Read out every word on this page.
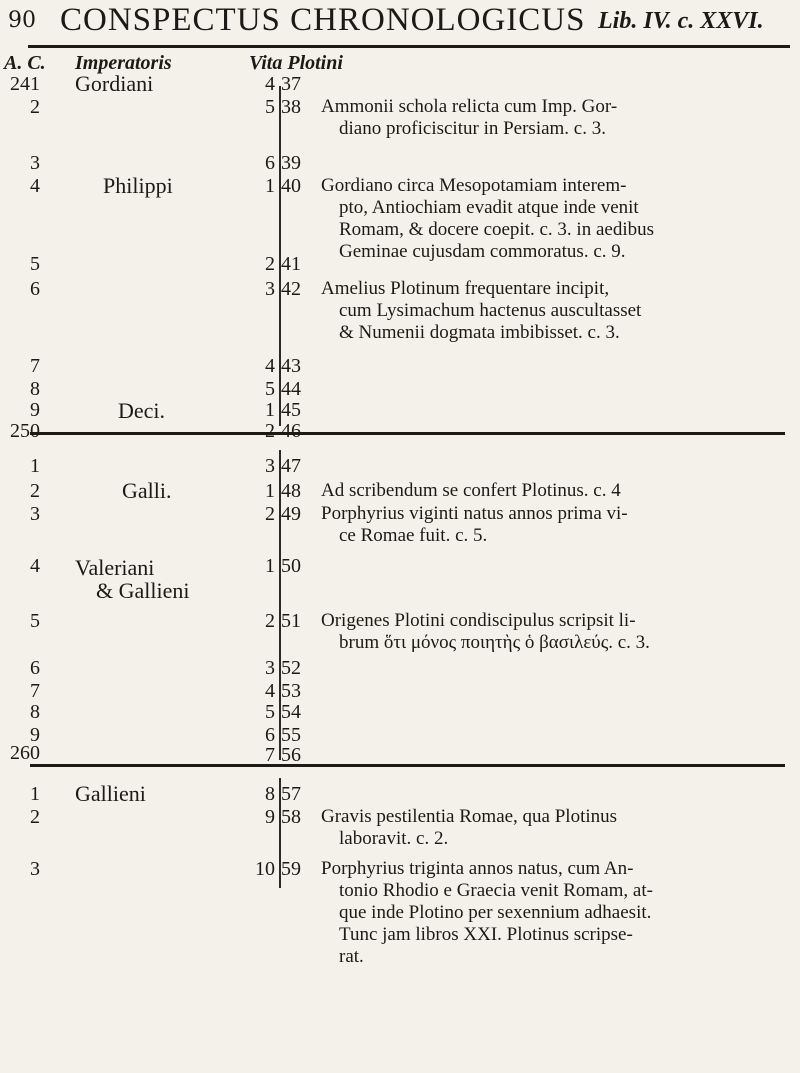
90 CONSPECTUS CHRONOLOGICUS Lib. IV. c. XXVI.
A. C. Imperatoris	Vita Plotini
241
2
3
4
5
6
7
8
9
250
1
2
3
4
5
6
7
8
9
260
1
2
3
Gordiani
Philippi
Deci.
Galli.
Valeriani
& Gallieni
Gallieni
4
5
6
1
2
3
4
5
1
2
3
1
2
1
2
3
4
5
6
7
8
9
10
37
38
39
40
41
42
43
44
45
46
47
48
49
50
51
52
53
54
55
56
57
58
59
Ammonii schola relicta cum Imp. Gor-
diano proficiscitur in Persiam. c. 3.
Gordiano circa Mesopotamiam interem-
pto, Antiochiam evadit atque inde venit
Romam, & docere coepit. c. 3. in aedibus
Geminae cujusdam commoratus. c. 9.
Amelius Plotinum frequentare incipit,
cum Lysimachum hactenus auscultasset
& Numenii dogmata imbibisset. c. 3.
Ad scribendum se confert Plotinus. c. 4
Porphyrius viginti natus annos prima vi-
ce Romae fuit. c. 5.
Origenes Plotini condiscipulus scripsit li-
brum ὅτι μόνος ποιητὴς ὁ βασιλεύς. c. 3.
Gravis pestilentia Romae, qua Plotinus
laboravit. c. 2.
Porphyrius triginta annos natus, cum An-
tonio Rhodio e Graecia venit Romam, at-
que inde Plotino per sexennium adhaesit.
Tunc jam libros XXI. Plotinus scripse-
rat.
